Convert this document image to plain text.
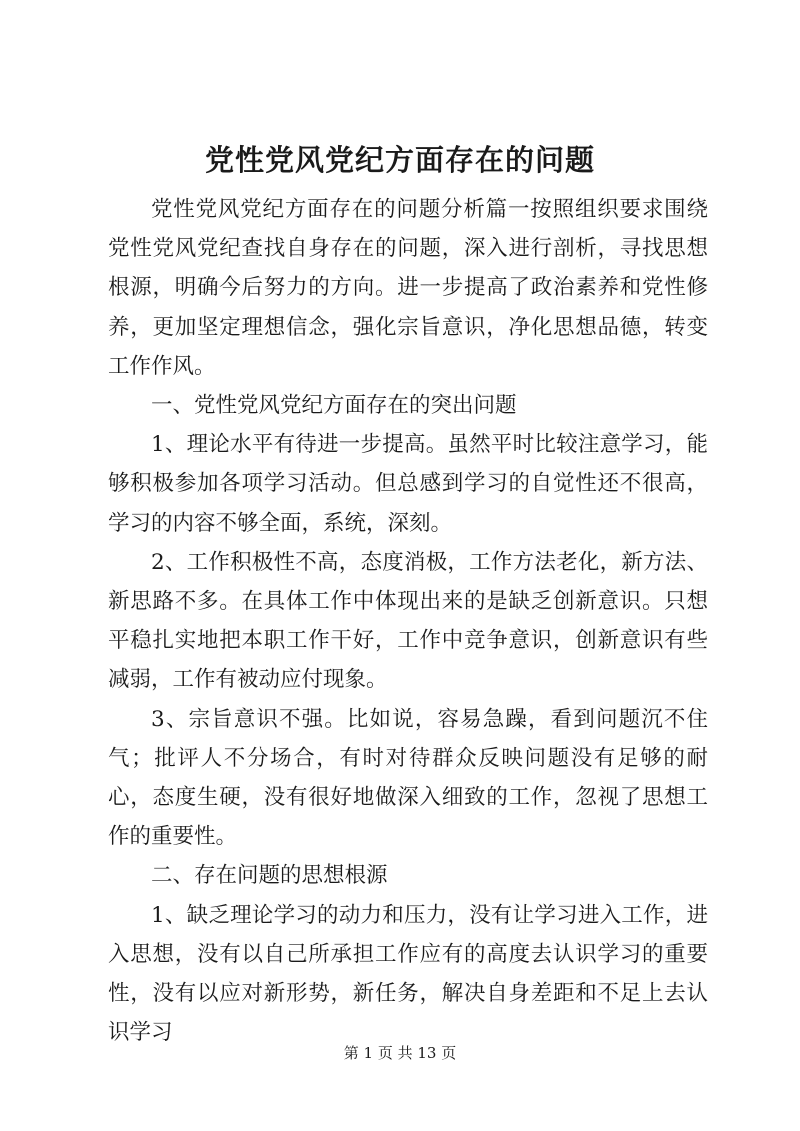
党性党风党纪方面存在的问题

党性党风党纪方面存在的问题分析篇一按照组织要求围绕党性党风党纪查找自身存在的问题，深入进行剖析，寻找思想根源，明确今后努力的方向。进一步提高了政治素养和党性修养，更加坚定理想信念，强化宗旨意识，净化思想品德，转变工作作风。

一、党性党风党纪方面存在的突出问题

1、理论水平有待进一步提高。虽然平时比较注意学习，能够积极参加各项学习活动。但总感到学习的自觉性还不很高，学习的内容不够全面，系统，深刻。

2、工作积极性不高，态度消极，工作方法老化，新方法、新思路不多。在具体工作中体现出来的是缺乏创新意识。只想平稳扎实地把本职工作干好，工作中竞争意识，创新意识有些减弱，工作有被动应付现象。

3、宗旨意识不强。比如说，容易急躁，看到问题沉不住气；批评人不分场合，有时对待群众反映问题没有足够的耐心，态度生硬，没有很好地做深入细致的工作，忽视了思想工作的重要性。

二、存在问题的思想根源

1、缺乏理论学习的动力和压力，没有让学习进入工作，进入思想，没有以自己所承担工作应有的高度去认识学习的重要性，没有以应对新形势，新任务，解决自身差距和不足上去认识学习

第 1 页 共 13 页
